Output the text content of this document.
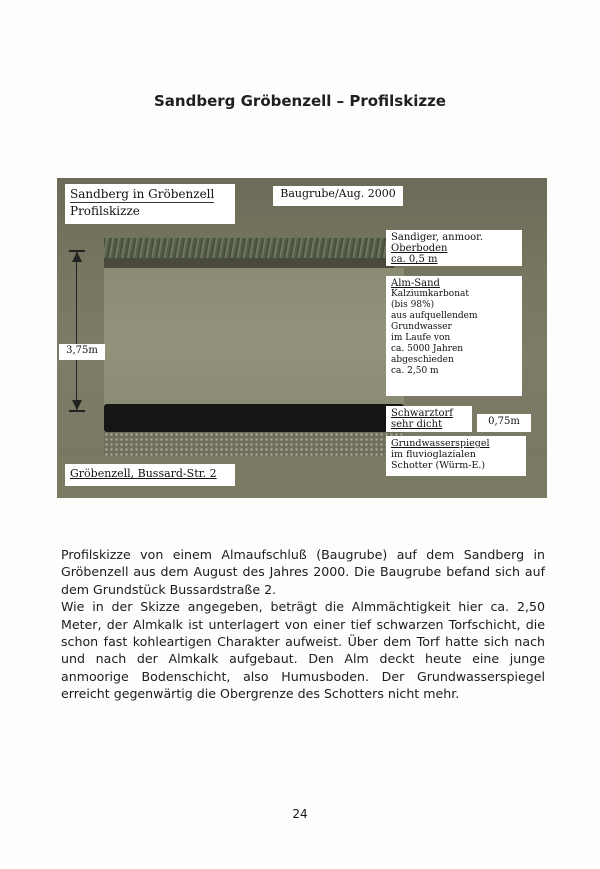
Sandberg Gröbenzell – Profilskizze
Sandberg in Gröbenzell
Profilskizze
Baugrube/Aug. 2000
3,75m
Sandiger, anmoor.
Oberboden
ca. 0,5 m
Alm-Sand
Kalziumkarbonat
(bis 98%)
aus aufquellendem
Grundwasser
im Laufe von
ca. 5000 Jahren
abgeschieden
ca. 2,50 m
Schwarztorf
sehr dicht	0,75m
Grundwasserspiegel
im fluvioglazialen
Schotter (Würm-E.)
Gröbenzell, Bussard-Str. 2

Profilskizze von einem Almaufschluß (Baugrube) auf dem Sandberg in Gröbenzell aus dem August des Jahres 2000. Die Baugrube befand sich auf dem Grundstück Bussardstraße 2.

Wie in der Skizze angegeben, beträgt die Almmächtigkeit hier ca. 2,50 Meter, der Almkalk ist unterlagert von einer tief schwarzen Torfschicht, die schon fast kohleartigen Charakter aufweist. Über dem Torf hatte sich nach und nach der Almkalk aufgebaut. Den Alm deckt heute eine junge anmoorige Bodenschicht, also Humusboden. Der Grundwasserspiegel erreicht gegenwärtig die Obergrenze des Schotters nicht mehr.

24
